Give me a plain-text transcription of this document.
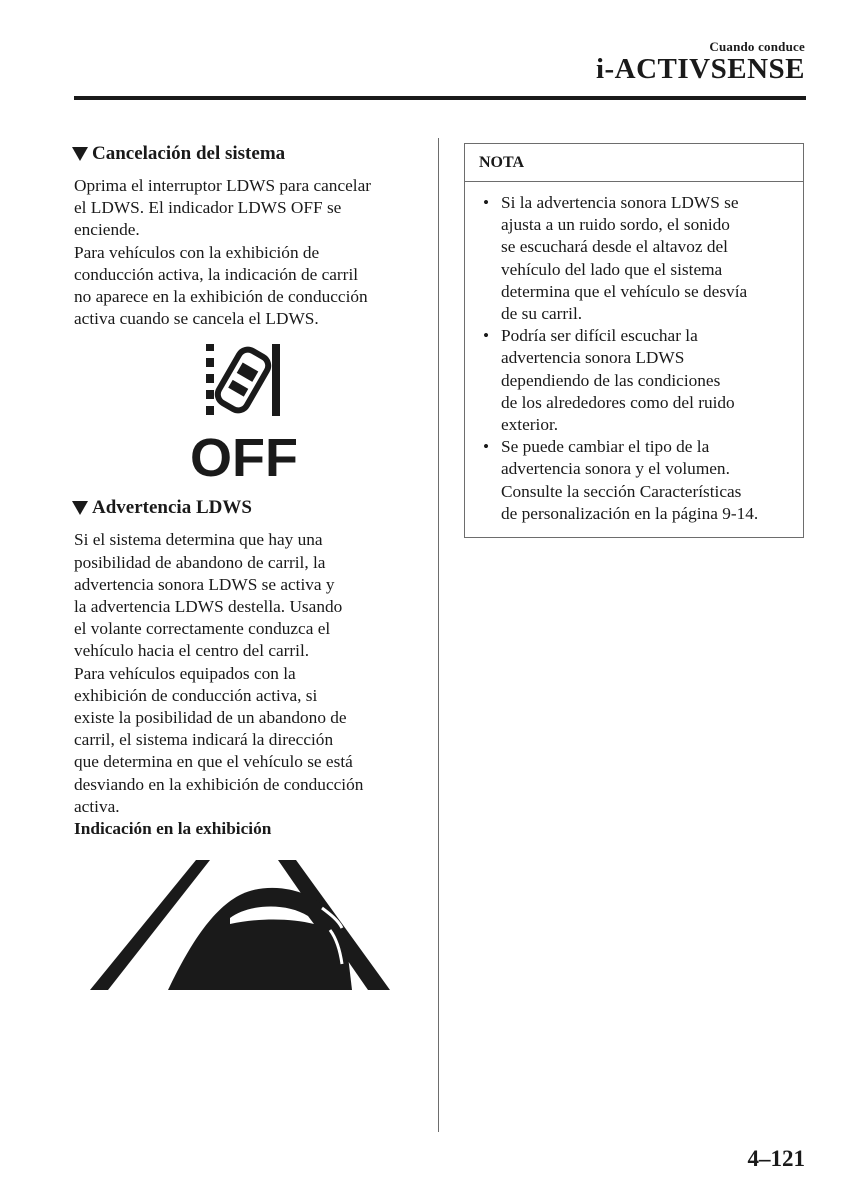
Cuando conduce
i-ACTIVSENSE
Cancelación del sistema

Oprima el interruptor LDWS para cancelar
el LDWS. El indicador LDWS OFF se
enciende.
Para vehículos con la exhibición de
conducción activa, la indicación de carril
no aparece en la exhibición de conducción
activa cuando se cancela el LDWS.

OFF
Advertencia LDWS

Si el sistema determina que hay una
posibilidad de abandono de carril, la
advertencia sonora LDWS se activa y
la advertencia LDWS destella. Usando
el volante correctamente conduzca el
vehículo hacia el centro del carril.
Para vehículos equipados con la
exhibición de conducción activa, si
existe la posibilidad de un abandono de
carril, el sistema indicará la dirección
que determina en que el vehículo se está
desviando en la exhibición de conducción
activa.

Indicación en la exhibición

NOTA
• Si la advertencia sonora LDWS se
ajusta a un ruido sordo, el sonido
se escuchará desde el altavoz del
vehículo del lado que el sistema
determina que el vehículo se desvía
de su carril.
• Podría ser difícil escuchar la
advertencia sonora LDWS
dependiendo de las condiciones
de los alrededores como del ruido
exterior.
• Se puede cambiar el tipo de la
advertencia sonora y el volumen.
Consulte la sección Características
de personalización en la página 9-14.
4–121
